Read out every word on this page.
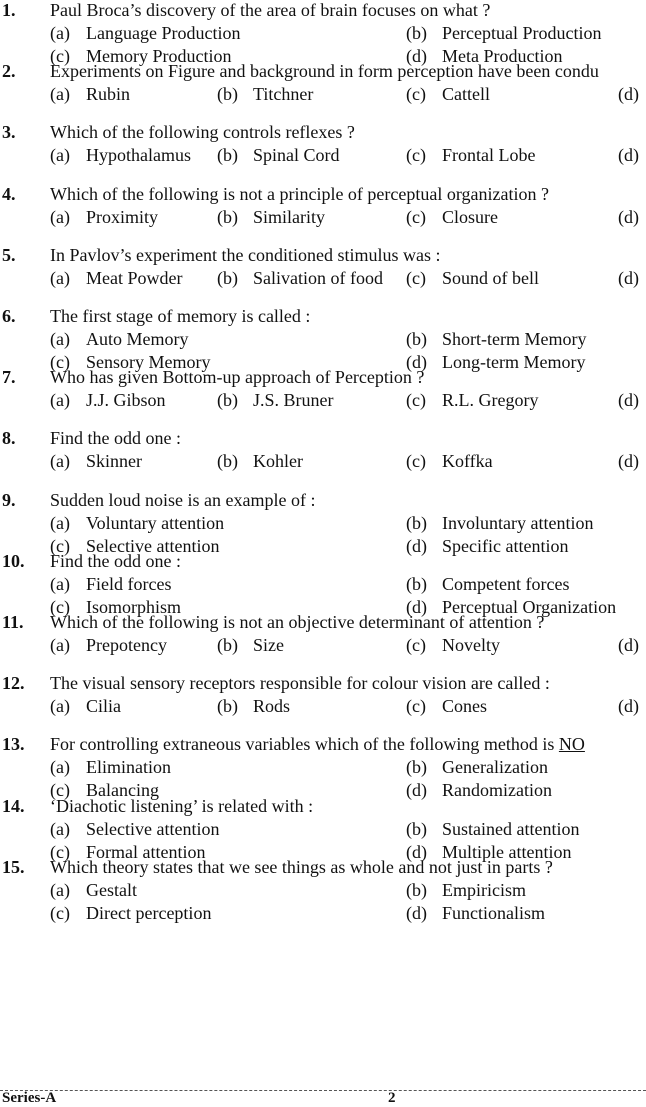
1. Paul Broca’s discovery of the area of brain focuses on what ?
(a) Language Production	(b) Perceptual Production
(c) Memory Production	(d) Meta Production
2. Experiments on Figure and background in form perception have been condu
(a) Rubin	(b) Titchner	(c) Cattell	(d)
3. Which of the following controls reflexes ?
(a) Hypothalamus (b) Spinal Cord	(c) Frontal Lobe	(d)
4. Which of the following is not a principle of perceptual organization ?
(a) Proximity	(b) Similarity	(c) Closure	(d)
5. In Pavlov’s experiment the conditioned stimulus was :
(a) Meat Powder (b) Salivation of food (c) Sound of bell	(d)
6. The first stage of memory is called :
(a) Auto Memory	(b) Short-term Memory
(c) Sensory Memory	(d) Long-term Memory
7. Who has given Bottom-up approach of Perception ?
(a) J.J. Gibson	(b) J.S. Bruner	(c) R.L. Gregory	(d)
8. Find the odd one :
(a) Skinner	(b) Kohler	(c) Koffka	(d)
9. Sudden loud noise is an example of :
(a) Voluntary attention	(b) Involuntary attention
(c) Selective attention	(d) Specific attention
10. Find the odd one :
(a) Field forces	(b) Competent forces
(c) Isomorphism	(d) Perceptual Organization
11. Which of the following is not an objective determinant of attention ?
(a) Prepotency	(b) Size	(c) Novelty	(d)
12. The visual sensory receptors responsible for colour vision are called :
(a) Cilia	(b) Rods	(c) Cones	(d)
13. For controlling extraneous variables which of the following method is NO
(a) Elimination	(b) Generalization
(c) Balancing	(d) Randomization
14. ‘Diachotic listening’ is related with :
(a) Selective attention	(b) Sustained attention
(c) Formal attention	(d) Multiple attention
15. Which theory states that we see things as whole and not just in parts ?
(a) Gestalt	(b) Empiricism
(c) Direct perception	(d) Functionalism
Series-A	2
